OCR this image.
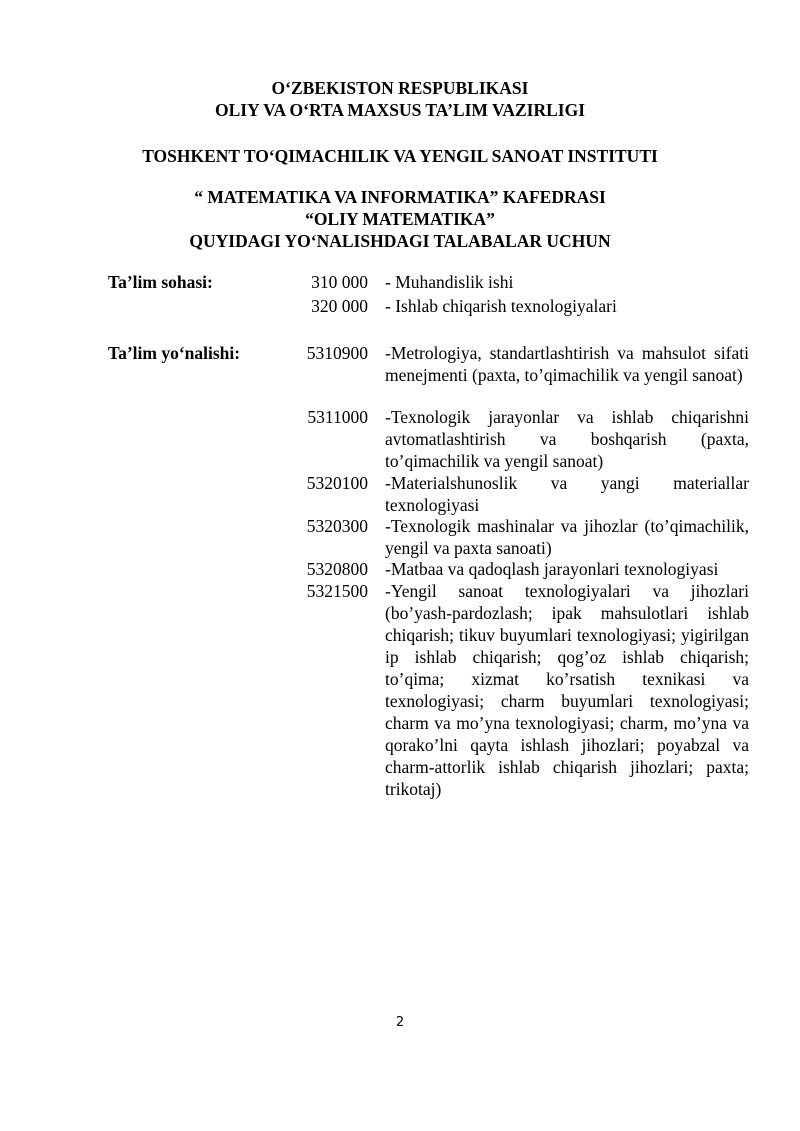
O‘ZBEKISTON RESPUBLIKASI
OLIY VA O‘RTA MAXSUS TA’LIM VAZIRLIGI
TOSHKENT TO‘QIMACHILIK VA YENGIL SANOAT INSTITUTI
“ MATEMATIKA VA INFORMATIKA” KAFEDRASI
“OLIY MATEMATIKA”
QUYIDAGI YO‘NALISHDAGI TALABALAR UCHUN
Ta’lim sohasi:	310 000 - Muhandislik ishi
320 000 - Ishlab chiqarish texnologiyalari
Ta’lim yo‘nalishi:	5310900 -Metrologiya, standartlashtirish va mahsulot sifati menejmenti (paxta, to’qimachilik va yengil sanoat)
5311000 -Texnologik jarayonlar va ishlab chiqarishni avtomatlashtirish va boshqarish (paxta, to’qimachilik va yengil sanoat)
5320100 -Materialshunoslik va yangi materiallar texnologiyasi
5320300 -Texnologik mashinalar va jihozlar (to’qimachilik, yengil va paxta sanoati)
5320800 -Matbaa va qadoqlash jarayonlari texnologiyasi
5321500 -Yengil sanoat texnologiyalari va jihozlari (bo’yash-pardozlash; ipak mahsulotlari ishlab chiqarish; tikuv buyumlari texnologiyasi; yigirilgan ip ishlab chiqarish; qog’oz ishlab chiqarish; to’qima; xizmat ko’rsatish texnikasi va texnologiyasi; charm buyumlari texnologiyasi; charm va mo’yna texnologiyasi; charm, mo’yna va qorako’lni qayta ishlash jihozlari; poyabzal va charm-attorlik ishlab chiqarish jihozlari; paxta; trikotaj)
2
